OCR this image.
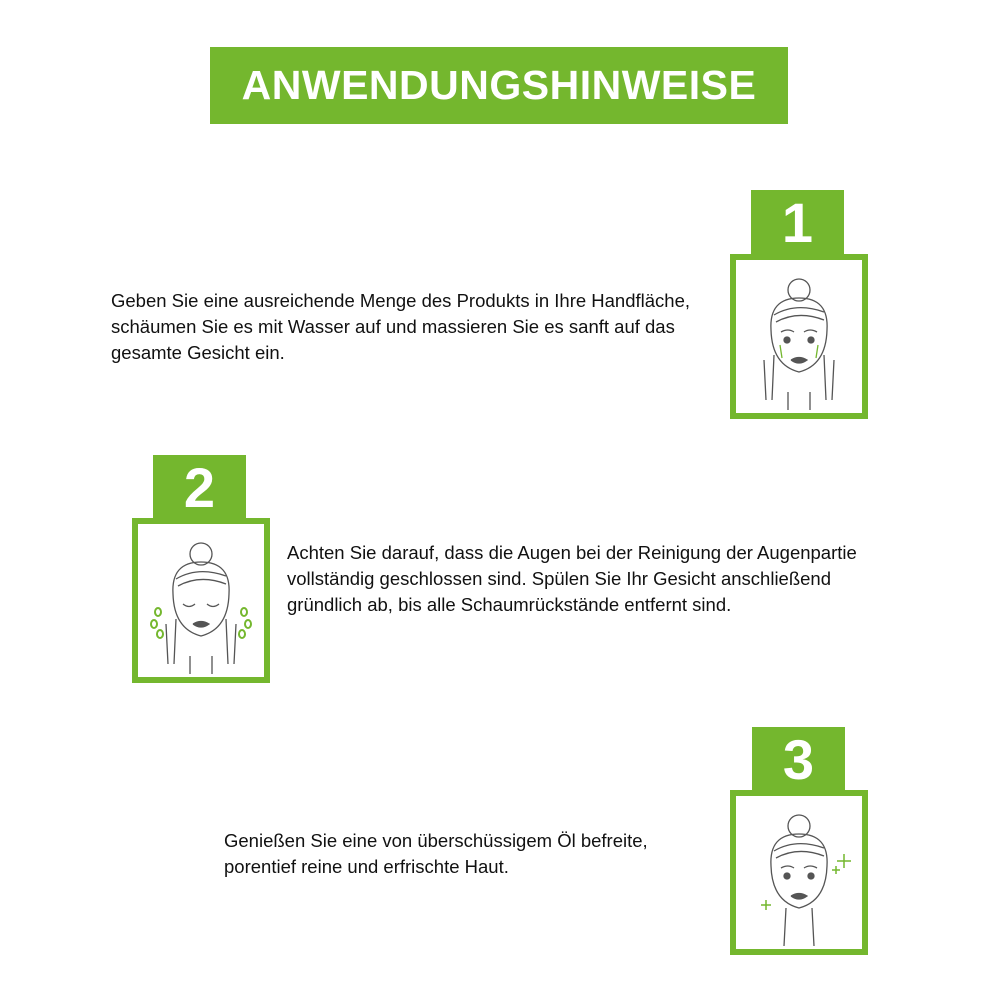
ANWENDUNGSHINWEISE
1
Geben Sie eine ausreichende Menge des Produkts in Ihre Handfläche, schäumen Sie es mit Wasser auf und massieren Sie es sanft auf das gesamte Gesicht ein.
2
Achten Sie darauf, dass die Augen bei der Reinigung der Augenpartie vollständig geschlossen sind. Spülen Sie Ihr Gesicht anschließend gründlich ab, bis alle Schaumrückstände entfernt sind.
3
Genießen Sie eine von überschüssigem Öl befreite, porentief reine und erfrischte Haut.
